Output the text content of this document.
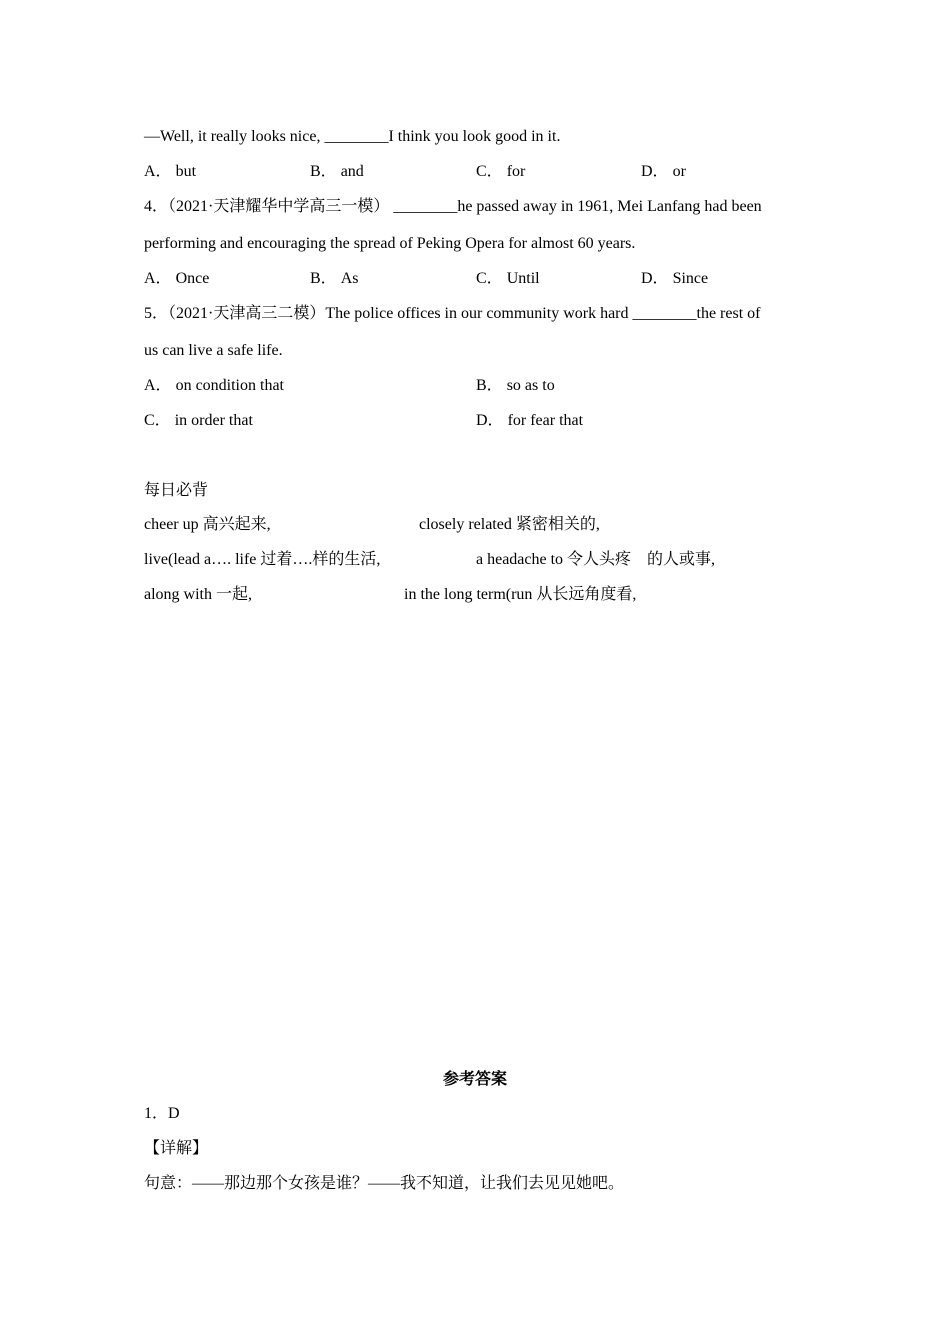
—Well, it really looks nice, ________I think you look good in it.
A． but	B． and	C． for	D． or
4．（2021·天津耀华中学高三一模） ________he passed away in 1961, Mei Lanfang had been
performing and encouraging the spread of Peking Opera for almost 60 years.
A． Once	B． As	C． Until	D． Since
5．（2021·天津高三二模）The police offices in our community work hard ________the rest of
us can live a safe life.
A． on condition that	B． so as to
C． in order that	D． for fear that
每日必背
cheer up 高兴起来,	closely related 紧密相关的,
live(lead a…. life 过着….样的生活,	a headache to 令人头疼    的人或事,
along with 一起,	in the long term(run 从长远角度看,
参考答案
1．D
【详解】
句意：——那边那个女孩是谁？——我不知道，让我们去见见她吧。
